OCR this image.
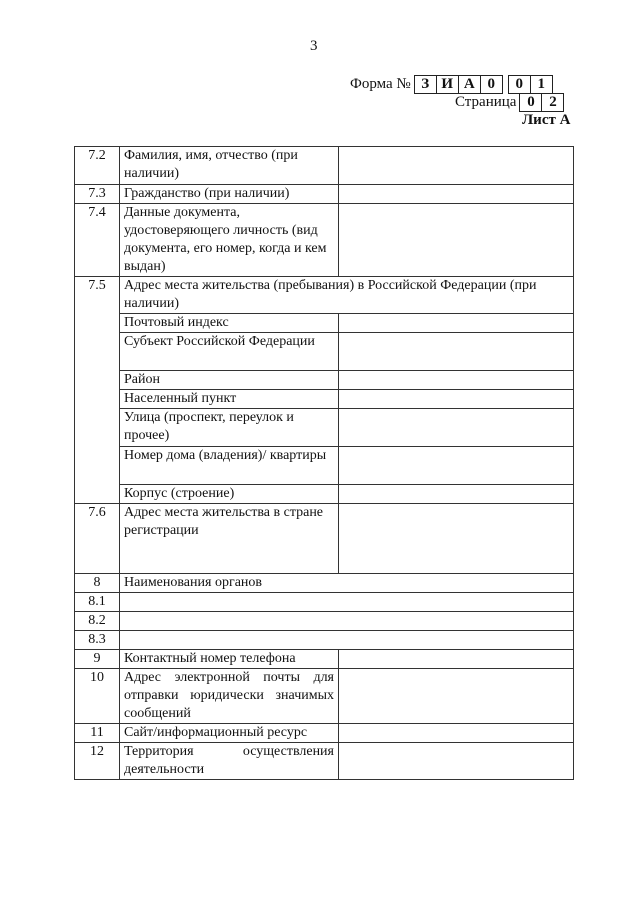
3
Форма № З И А 0	0 1
Страница 0 2
Лист А
7.2	Фамилия, имя, отчество (при наличии)	
7.3	Гражданство (при наличии)	
7.4	Данные документа, удостоверяющего личность (вид документа, его номер, когда и кем выдан)	
7.5	Адрес места жительства (пребывания) в Российской Федерации (при наличии)	
	Почтовый индекс	
	Субъект Российской Федерации	
	Район	
	Населенный пункт	
	Улица (проспект, переулок и прочее)	
	Номер дома (владения)/ квартиры	
	Корпус (строение)	
7.6	Адрес места жительства в стране регистрации	
8	Наименования органов	
8.1		
8.2		
8.3		
9	Контактный номер телефона	
10	Адрес электронной почты для отправки юридически значимых сообщений	
11	Сайт/информационный ресурс	
12	Территория осуществления деятельности	
